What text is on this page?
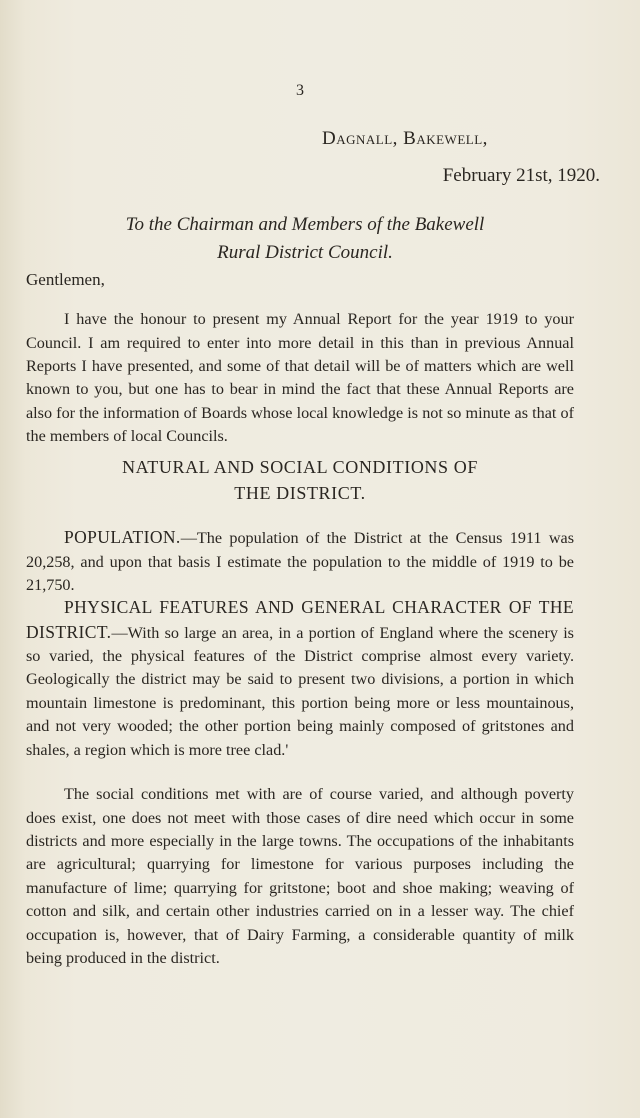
3
Dagnall, Bakewell,
February 21st, 1920.
To the Chairman and Members of the Bakewell
Rural District Council.
Gentlemen,

I have the honour to present my Annual Report for the year 1919 to your Council. I am required to enter into more detail in this than in previous Annual Reports I have presented, and some of that detail will be of matters which are well known to you, but one has to bear in mind the fact that these Annual Reports are also for the information of Boards whose local knowledge is not so minute as that of the members of local Councils.

NATURAL AND SOCIAL CONDITIONS OF
THE DISTRICT.

POPULATION.—The population of the District at the Census 1911 was 20,258, and upon that basis I estimate the population to the middle of 1919 to be 21,750.

PHYSICAL FEATURES AND GENERAL CHARACTER OF THE DISTRICT.—With so large an area, in a portion of England where the scenery is so varied, the physical features of the District comprise almost every variety. Geologically the district may be said to present two divisions, a portion in which mountain limestone is predominant, this portion being more or less mountainous, and not very wooded; the other portion being mainly composed of gritstones and shales, a region which is more tree clad.'

The social conditions met with are of course varied, and although poverty does exist, one does not meet with those cases of dire need which occur in some districts and more especially in the large towns. The occupations of the inhabitants are agricultural; quarrying for limestone for various purposes including the manufacture of lime; quarrying for gritstone; boot and shoe making; weaving of cotton and silk, and certain other industries carried on in a lesser way. The chief occupation is, however, that of Dairy Farming, a considerable quantity of milk being produced in the district.
